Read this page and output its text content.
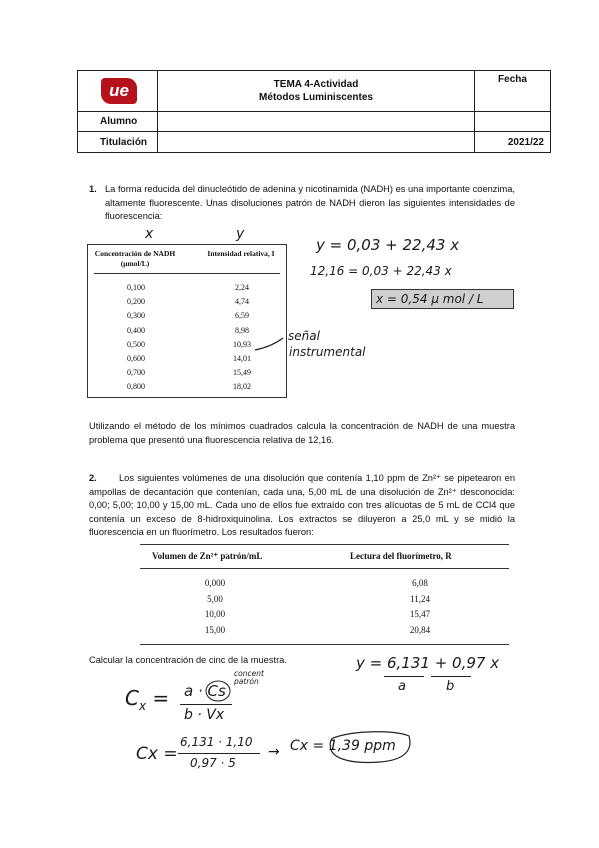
ue	TEMA 4-Actividad
Métodos Luminiscentes
Fecha
Alumno
Titulación	2021/22
1. La forma reducida del dinucleótido de adenina y nicotinamida (NADH) es una importante coenzima, altamente fluorescente. Unas disoluciones patrón de NADH dieron las siguientes intensidades de fluorescencia:
x	y
Concentración de NADH (μmol/L)
Intensidad relativa, I
0,100	2,24
0,200	4,74
0,300	6,59
0,400	8,98
0,500	10,93
0,600	14,01
0,700	15,49
0,800	18,02
señal
instrumental
y = 0,03 + 22,43 x
12,16 = 0,03 + 22,43 x
x = 0,54 μ mol / L
Utilizando el método de los mínimos cuadrados calcula la concentración de NADH de una muestra problema que presentó una fluorescencia relativa de 12,16.
2.	Los siguientes volúmenes de una disolución que contenía 1,10 ppm de Zn²⁺ se pipetearon en ampollas de decantación que contenían, cada una, 5,00 mL de una disolución de Zn²⁺ desconocida: 0,00; 5,00; 10,00 y 15,00 mL. Cada uno de ellos fue extraído con tres alícuotas de 5 mL de CCl4 que contenía un exceso de 8-hidroxiquinolina. Los extractos se diluyeron a 25,0 mL y se midió la fluorescencia en un fluorímetro. Los resultados fueron:
Volumen de Zn²⁺ patrón/mL	Lectura del fluorímetro, R
0,000	6,08
5,00	11,24
10,00	15,47
15,00	20,84
Calcular la concentración de cinc de la muestra.	y = 6,131 + 0,97 x
a	b
$C_x = a \cdot Cs$
b · Vx
concent patrón
Cx =
6,131 · 1,10
0,97 · 5
→ Cx = 1,39 ppm
